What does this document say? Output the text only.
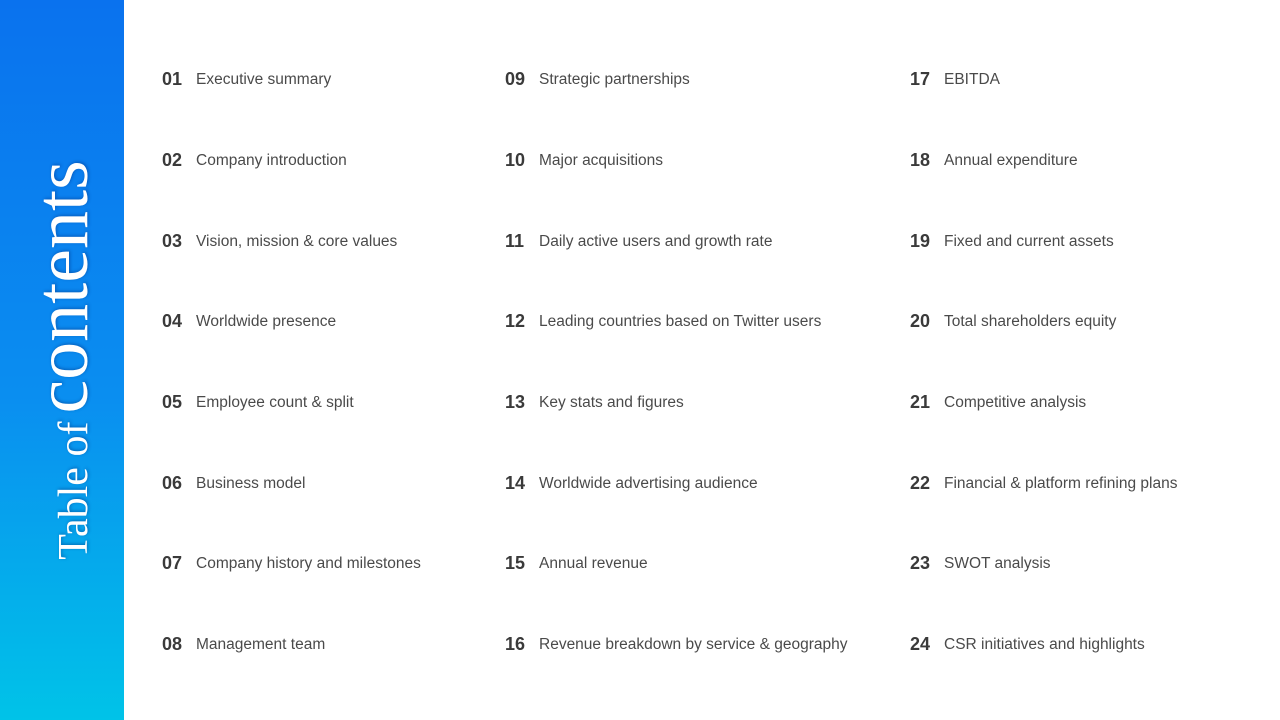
Table ofcontents
01 Executive summary
02 Company introduction
03 Vision, mission & core values
04 Worldwide presence
05 Employee count & split
06 Business model
07 Company history and milestones
08 Management team
09 Strategic partnerships
10 Major acquisitions
11 Daily active users and growth rate
12 Leading countries based on Twitter users
13 Key stats and figures
14 Worldwide advertising audience
15 Annual revenue
16 Revenue breakdown by service & geography
17 EBITDA
18 Annual expenditure
19 Fixed and current assets
20 Total shareholders equity
21 Competitive analysis
22 Financial & platform refining plans
23 SWOT analysis
24 CSR initiatives and highlights
